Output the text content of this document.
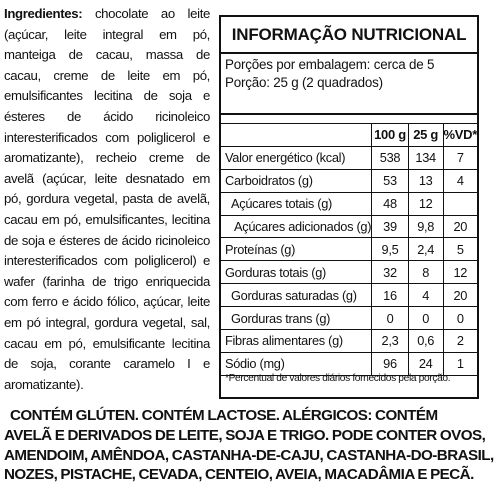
Ingredientes: chocolate ao leite (açúcar, leite integral em pó, manteiga de cacau, massa de cacau, creme de leite em pó, emulsificantes lecitina de soja e ésteres de ácido ricinoleico interesterificados com poliglicerol e aromatizante), recheio creme de avelã (açúcar, leite desnatado em pó, gordura vegetal, pasta de avelã, cacau em pó, emulsificantes, lecitina de soja e ésteres de ácido ricinoleico interesterificados com poliglicerol) e wafer (farinha de trigo enriquecida com ferro e ácido fólico, açúcar, leite em pó integral, gordura vegetal, sal, cacau em pó, emulsificante lecitina de soja, corante caramelo I e aromatizante).
INFORMAÇÃO NUTRICIONAL
Porções por embalagem: cerca de 5
Porção: 25 g (2 quadrados)
	100 g	25 g	%VD*
Valor energético (kcal)	538	134	7
Carboidratos (g)	53	13	4
Açúcares totais (g)	48	12	
Açúcares adicionados (g)	39	9,8	20
Proteínas (g)	9,5	2,4	5
Gorduras totais (g)	32	8	12
Gorduras saturadas (g)	16	4	20
Gorduras trans (g)	0	0	0
Fibras alimentares (g)	2,3	0,6	2
Sódio (mg)	96	24	1
*Percentual de valores diários fornecidos pela porção.
CONTÉM GLÚTEN. CONTÉM LACTOSE. ALÉRGICOS: CONTÉM
AVELÃ E DERIVADOS DE LEITE, SOJA E TRIGO. PODE CONTER OVOS, AMENDOIM, AMÊNDOA, CASTANHA-DE-CAJU, CASTANHA-DO-BRASIL, NOZES, PISTACHE, CEVADA, CENTEIO, AVEIA, MACADÂMIA E PECÃ.
